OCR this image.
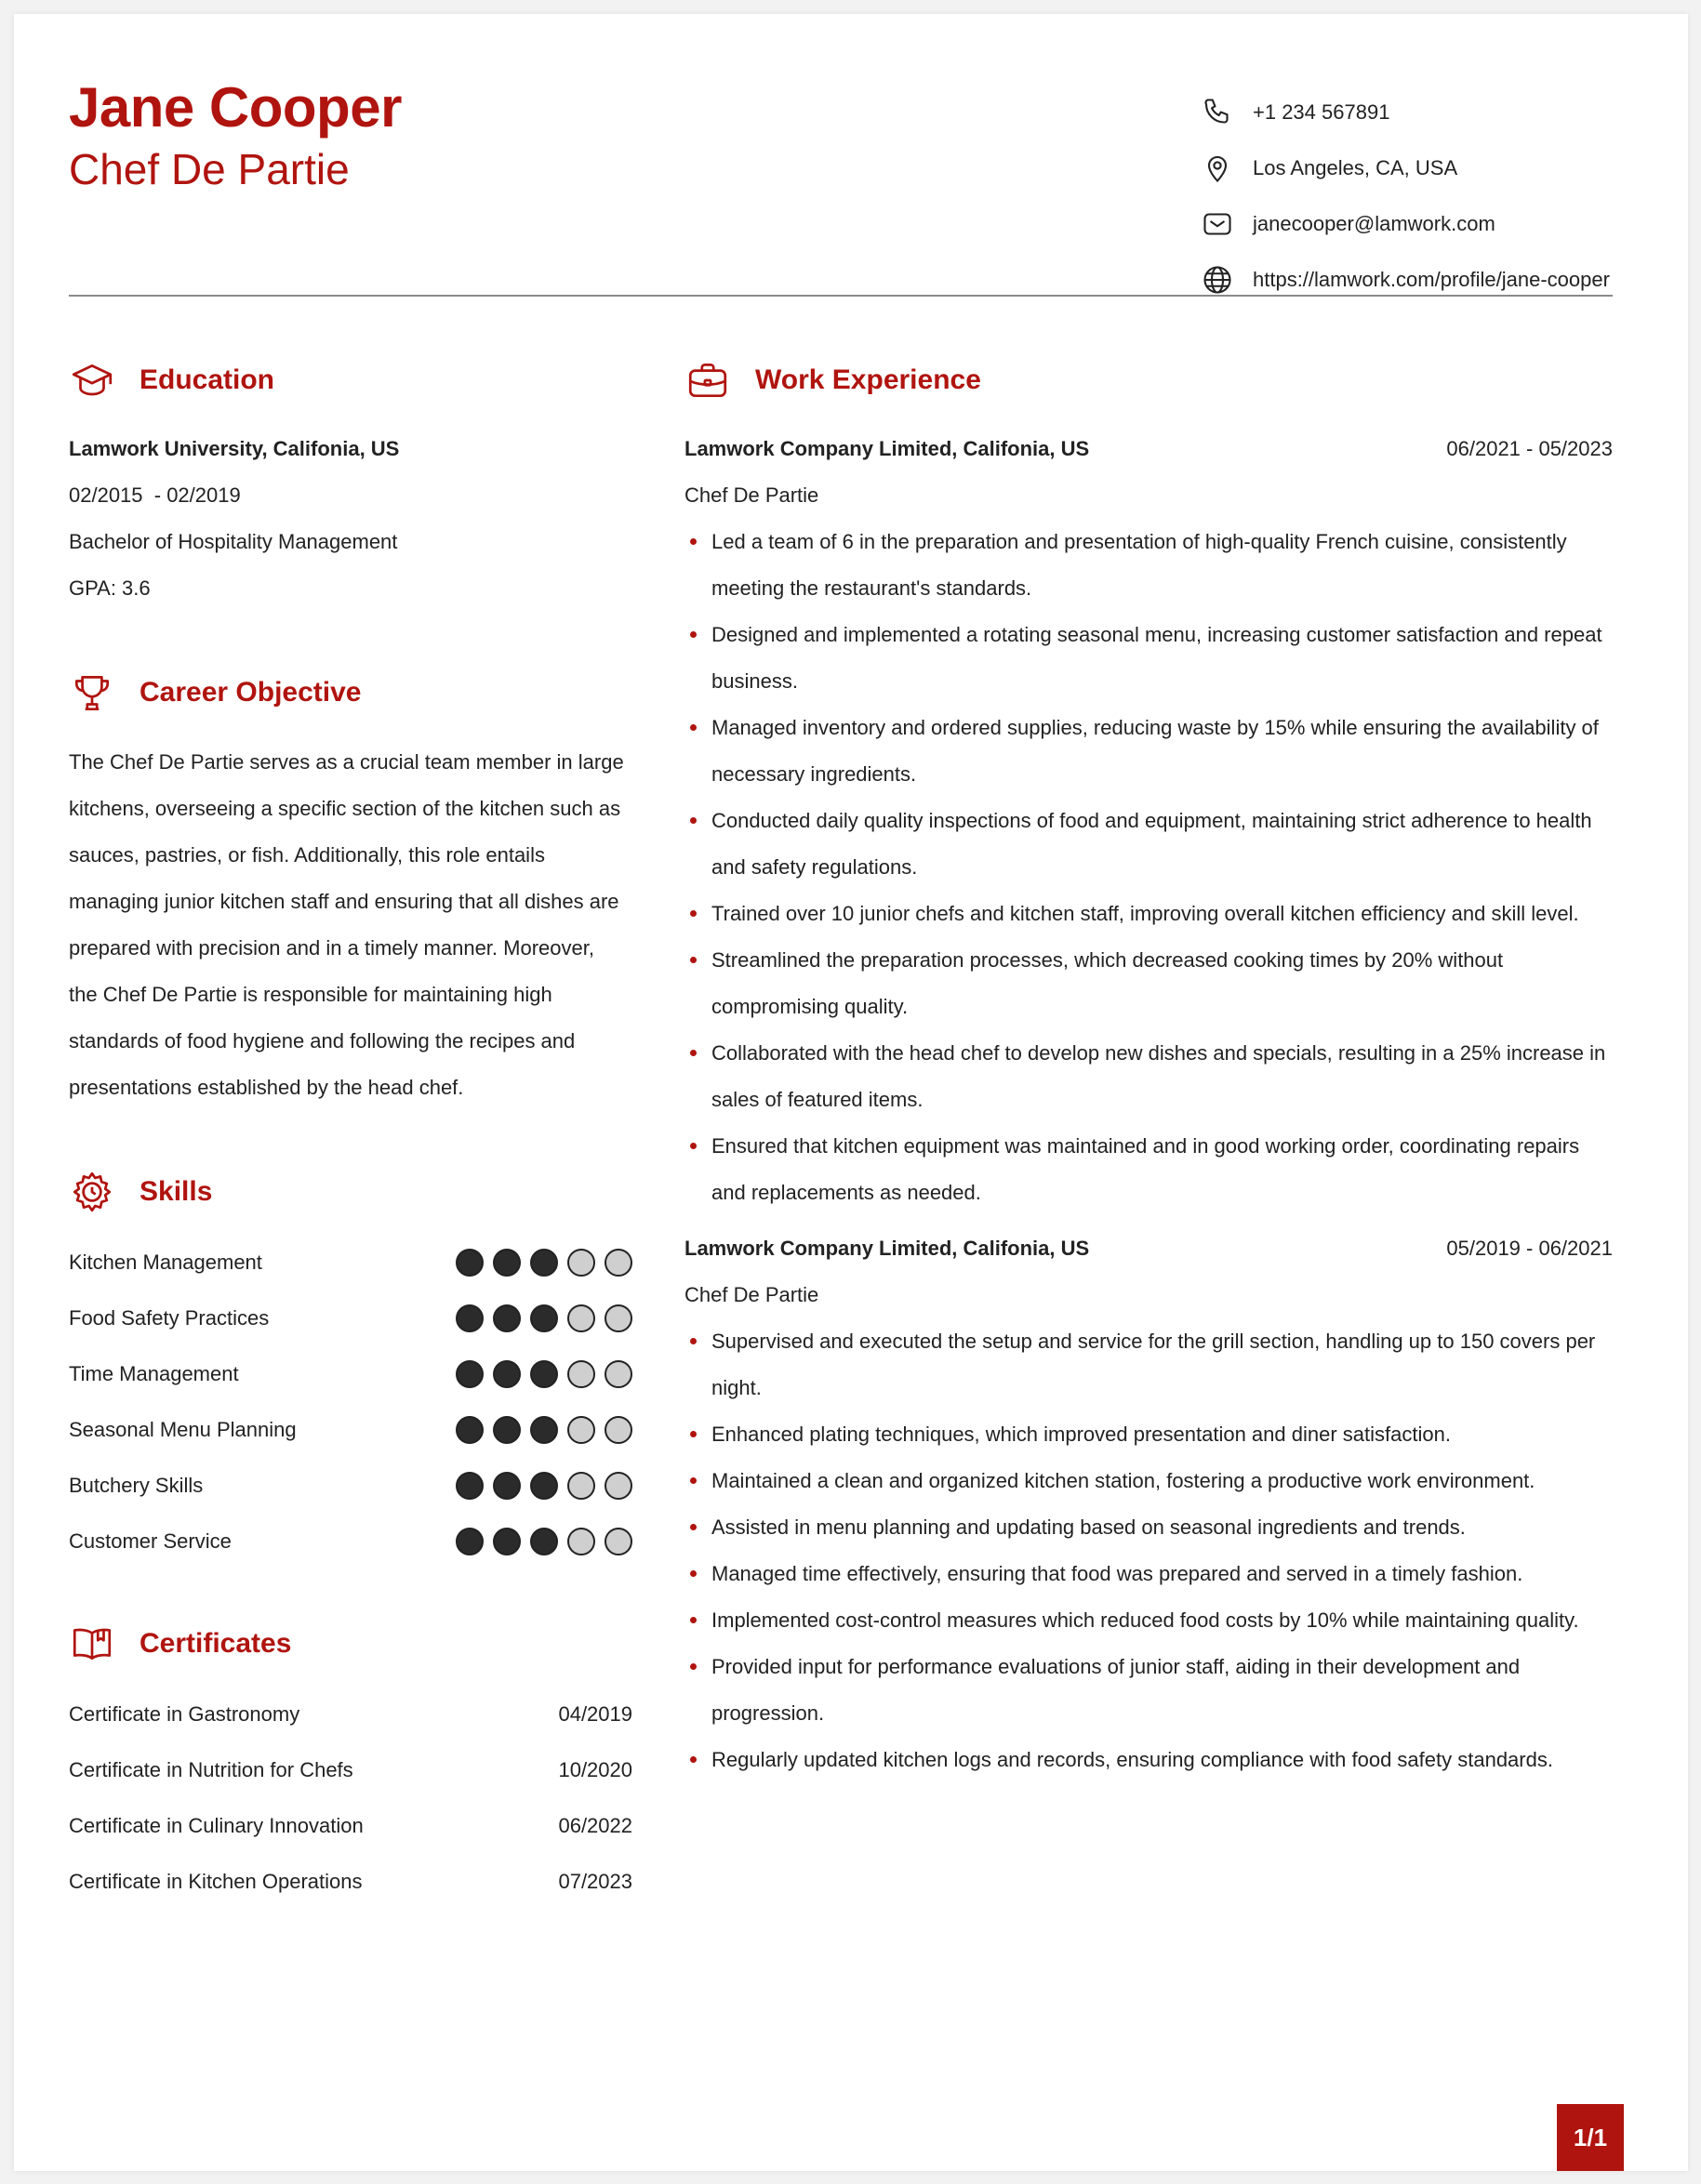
Jane Cooper
Chef De Partie
+1 234 567891
Los Angeles, CA, USA
janecooper@lamwork.com
https://lamwork.com/profile/jane-cooper
Education
Lamwork University, Califonia, US
02/2015  - 02/2019
Bachelor of Hospitality Management
GPA: 3.6
Career Objective
The Chef De Partie serves as a crucial team member in large kitchens, overseeing a specific section of the kitchen such as sauces, pastries, or fish. Additionally, this role entails managing junior kitchen staff and ensuring that all dishes are prepared with precision and in a timely manner. Moreover, the Chef De Partie is responsible for maintaining high standards of food hygiene and following the recipes and presentations established by the head chef.
Skills
Kitchen Management
Food Safety Practices
Time Management
Seasonal Menu Planning
Butchery Skills
Customer Service
Certificates
Certificate in Gastronomy	04/2019
Certificate in Nutrition for Chefs	10/2020
Certificate in Culinary Innovation	06/2022
Certificate in Kitchen Operations	07/2023
Work Experience
Lamwork Company Limited, Califonia, US	06/2021 - 05/2023
Chef De Partie
Led a team of 6 in the preparation and presentation of high-quality French cuisine, consistently meeting the restaurant's standards.
Designed and implemented a rotating seasonal menu, increasing customer satisfaction and repeat business.
Managed inventory and ordered supplies, reducing waste by 15% while ensuring the availability of necessary ingredients.
Conducted daily quality inspections of food and equipment, maintaining strict adherence to health and safety regulations.
Trained over 10 junior chefs and kitchen staff, improving overall kitchen efficiency and skill level.
Streamlined the preparation processes, which decreased cooking times by 20% without compromising quality.
Collaborated with the head chef to develop new dishes and specials, resulting in a 25% increase in sales of featured items.
Ensured that kitchen equipment was maintained and in good working order, coordinating repairs and replacements as needed.
Lamwork Company Limited, Califonia, US	05/2019 - 06/2021
Chef De Partie
Supervised and executed the setup and service for the grill section, handling up to 150 covers per night.
Enhanced plating techniques, which improved presentation and diner satisfaction.
Maintained a clean and organized kitchen station, fostering a productive work environment.
Assisted in menu planning and updating based on seasonal ingredients and trends.
Managed time effectively, ensuring that food was prepared and served in a timely fashion.
Implemented cost-control measures which reduced food costs by 10% while maintaining quality.
Provided input for performance evaluations of junior staff, aiding in their development and progression.
Regularly updated kitchen logs and records, ensuring compliance with food safety standards.
1/1
